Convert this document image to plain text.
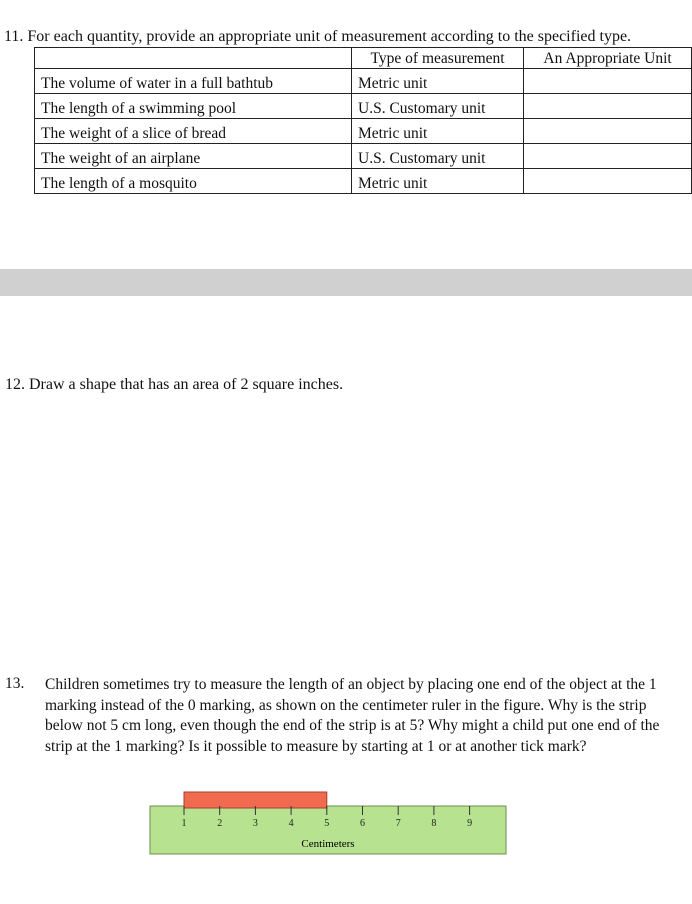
11. For each quantity, provide an appropriate unit of measurement according to the specified type.
	Type of measurement	An Appropriate Unit
The volume of water in a full bathtub	Metric unit	
The length of a swimming pool	U.S. Customary unit	
The weight of a slice of bread	Metric unit	
The weight of an airplane	U.S. Customary unit	
The length of a mosquito	Metric unit	
12. Draw a shape that has an area of 2 square inches.
13.	Children sometimes try to measure the length of an object by placing one end of the object at the 1 marking instead of the 0 marking, as shown on the centimeter ruler in the figure. Why is the strip below not 5 cm long, even though the end of the strip is at 5? Why might a child put one end of the strip at the 1 marking? Is it possible to measure by starting at 1 or at another tick mark?
1	2	3	4	5	6	7	8	9
Centimeters
